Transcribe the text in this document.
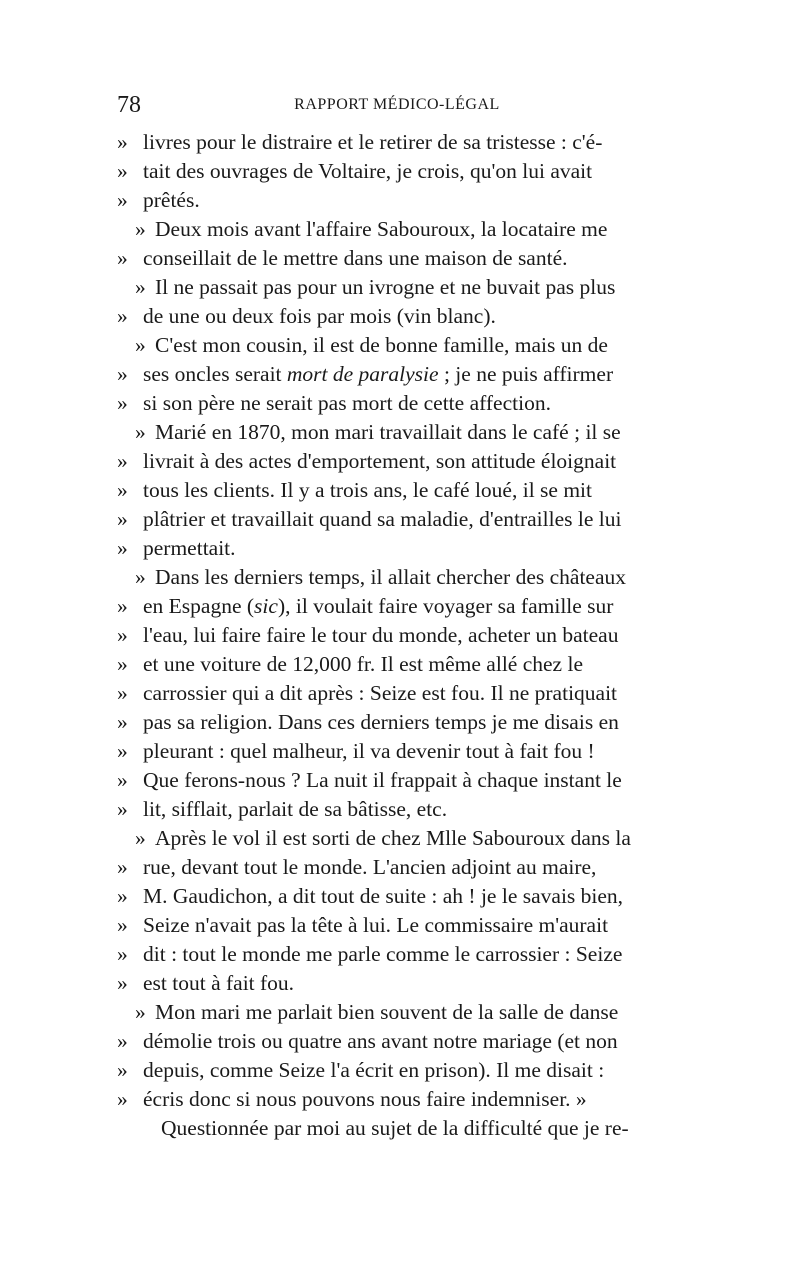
78	RAPPORT MÉDICO-LÉGAL
» livres pour le distraire et le retirer de sa tristesse : c'é-
» tait des ouvrages de Voltaire, je crois, qu'on lui avait
» prêtés.
» Deux mois avant l'affaire Sabouroux, la locataire me
» conseillait de le mettre dans une maison de santé.
» Il ne passait pas pour un ivrogne et ne buvait pas plus
» de une ou deux fois par mois (vin blanc).
» C'est mon cousin, il est de bonne famille, mais un de
» ses oncles serait mort de paralysie ; je ne puis affirmer
» si son père ne serait pas mort de cette affection.
» Marié en 1870, mon mari travaillait dans le café ; il se
» livrait à des actes d'emportement, son attitude éloignait
» tous les clients. Il y a trois ans, le café loué, il se mit
» plâtrier et travaillait quand sa maladie, d'entrailles le lui
» permettait.
» Dans les derniers temps, il allait chercher des châteaux
» en Espagne (sic), il voulait faire voyager sa famille sur
» l'eau, lui faire faire le tour du monde, acheter un bateau
» et une voiture de 12,000 fr. Il est même allé chez le
» carrossier qui a dit après : Seize est fou. Il ne pratiquait
» pas sa religion. Dans ces derniers temps je me disais en
» pleurant : quel malheur, il va devenir tout à fait fou !
» Que ferons-nous ? La nuit il frappait à chaque instant le
» lit, sifflait, parlait de sa bâtisse, etc.
» Après le vol il est sorti de chez Mlle Sabouroux dans la
» rue, devant tout le monde. L'ancien adjoint au maire,
» M. Gaudichon, a dit tout de suite : ah ! je le savais bien,
» Seize n'avait pas la tête à lui. Le commissaire m'aurait
» dit : tout le monde me parle comme le carrossier : Seize
» est tout à fait fou.
» Mon mari me parlait bien souvent de la salle de danse
» démolie trois ou quatre ans avant notre mariage (et non
» depuis, comme Seize l'a écrit en prison). Il me disait :
» écris donc si nous pouvons nous faire indemniser. »
Questionnée par moi au sujet de la difficulté que je re-
